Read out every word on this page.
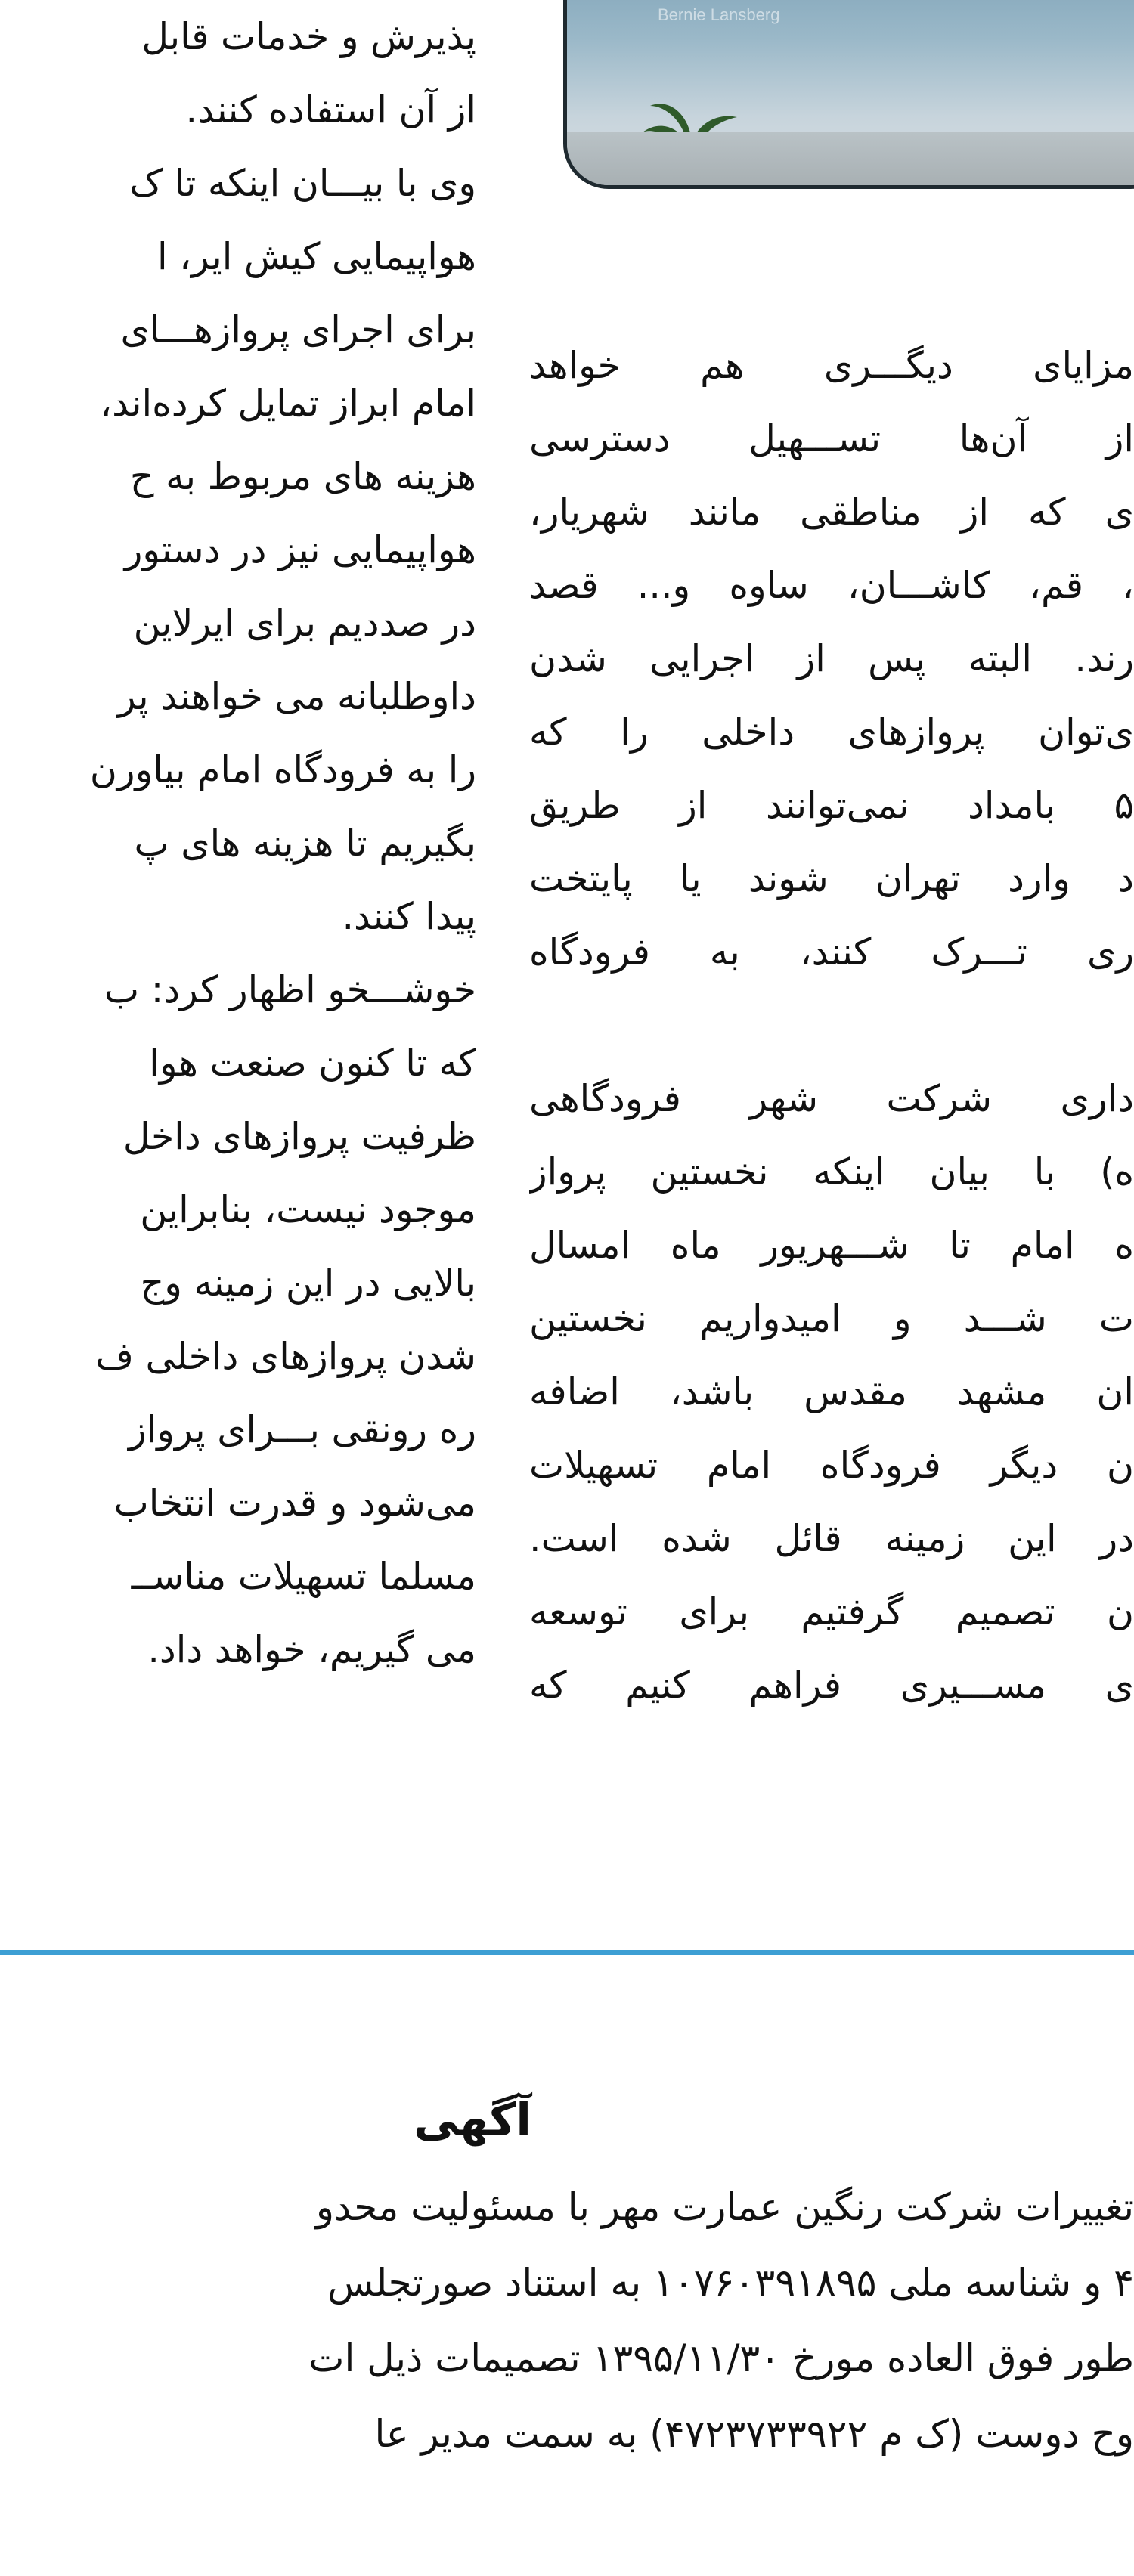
Bernie Lansberg
پذیرش و خدمات قابل
از آن استفاده کنند.
وی با بیـــان اینکه تا ک
هواپیمایی کیش ایر، ا
برای اجرای پروازهـــای
امام ابراز تمایل کرده‌اند،
هزینه های مربوط به ح
هواپیمایی نیز در دستور
در صددیم برای ایرلاین
داوطلبانه می خواهند پر
را به فرودگاه امام بیاورن
بگیریم تا هزینه های پ
پیدا کنند.
خوشـــخو اظهار کرد: ب
که تا کنون صنعت هوا
ظرفیت پروازهای داخل
موجود نیست، بنابراین
بالایی در این زمینه وج
شدن پروازهای داخلی ف
ره رونقی بـــرای پرواز
می‌شود و قدرت انتخاب
مسلما تسهیلات مناســ
می گیریم، خواهد داد.
مزایای دیگـــری هم خواهد
از آن‌ها تســـهیل دسترسی
ی که از مناطقی مانند شهریار،
، قم، کاشـــان، ساوه و... قصد
رند. البته پس از اجرایی شدن
ی‌توان پروازهای داخلی را که
۵ بامداد نمی‌توانند از طریق
د وارد تهران شوند یا پایتخت
ری تـــرک کنند، به فرودگاه
داری شرکت شهر فرودگاهی
ه) با بیان اینکه نخستین پرواز
ه امام تا شـــهریور ماه امسال
ت شـــد و امیدواریم نخستین
ان مشهد مقدس باشد، اضافه
ن دیگر فرودگاه امام تسهیلات
در این زمینه قائل شده است.
ن تصمیم گرفتیم برای توسعه
ی مســـیری فراهم کنیم که
آگهی
تغییرات شرکت رنگین عمارت مهر با مسئولیت محدو
۴ و شناسه ملی ۱۰۷۶۰۳۹۱۸۹۵ به استناد صورتجلس
طور فوق العاده مورخ ۱۳۹۵/۱۱/۳۰ تصمیمات ذیل ات
وح دوست (ک م ۴۷۲۳۷۳۳۹۲۲) به سمت مدیر عا
